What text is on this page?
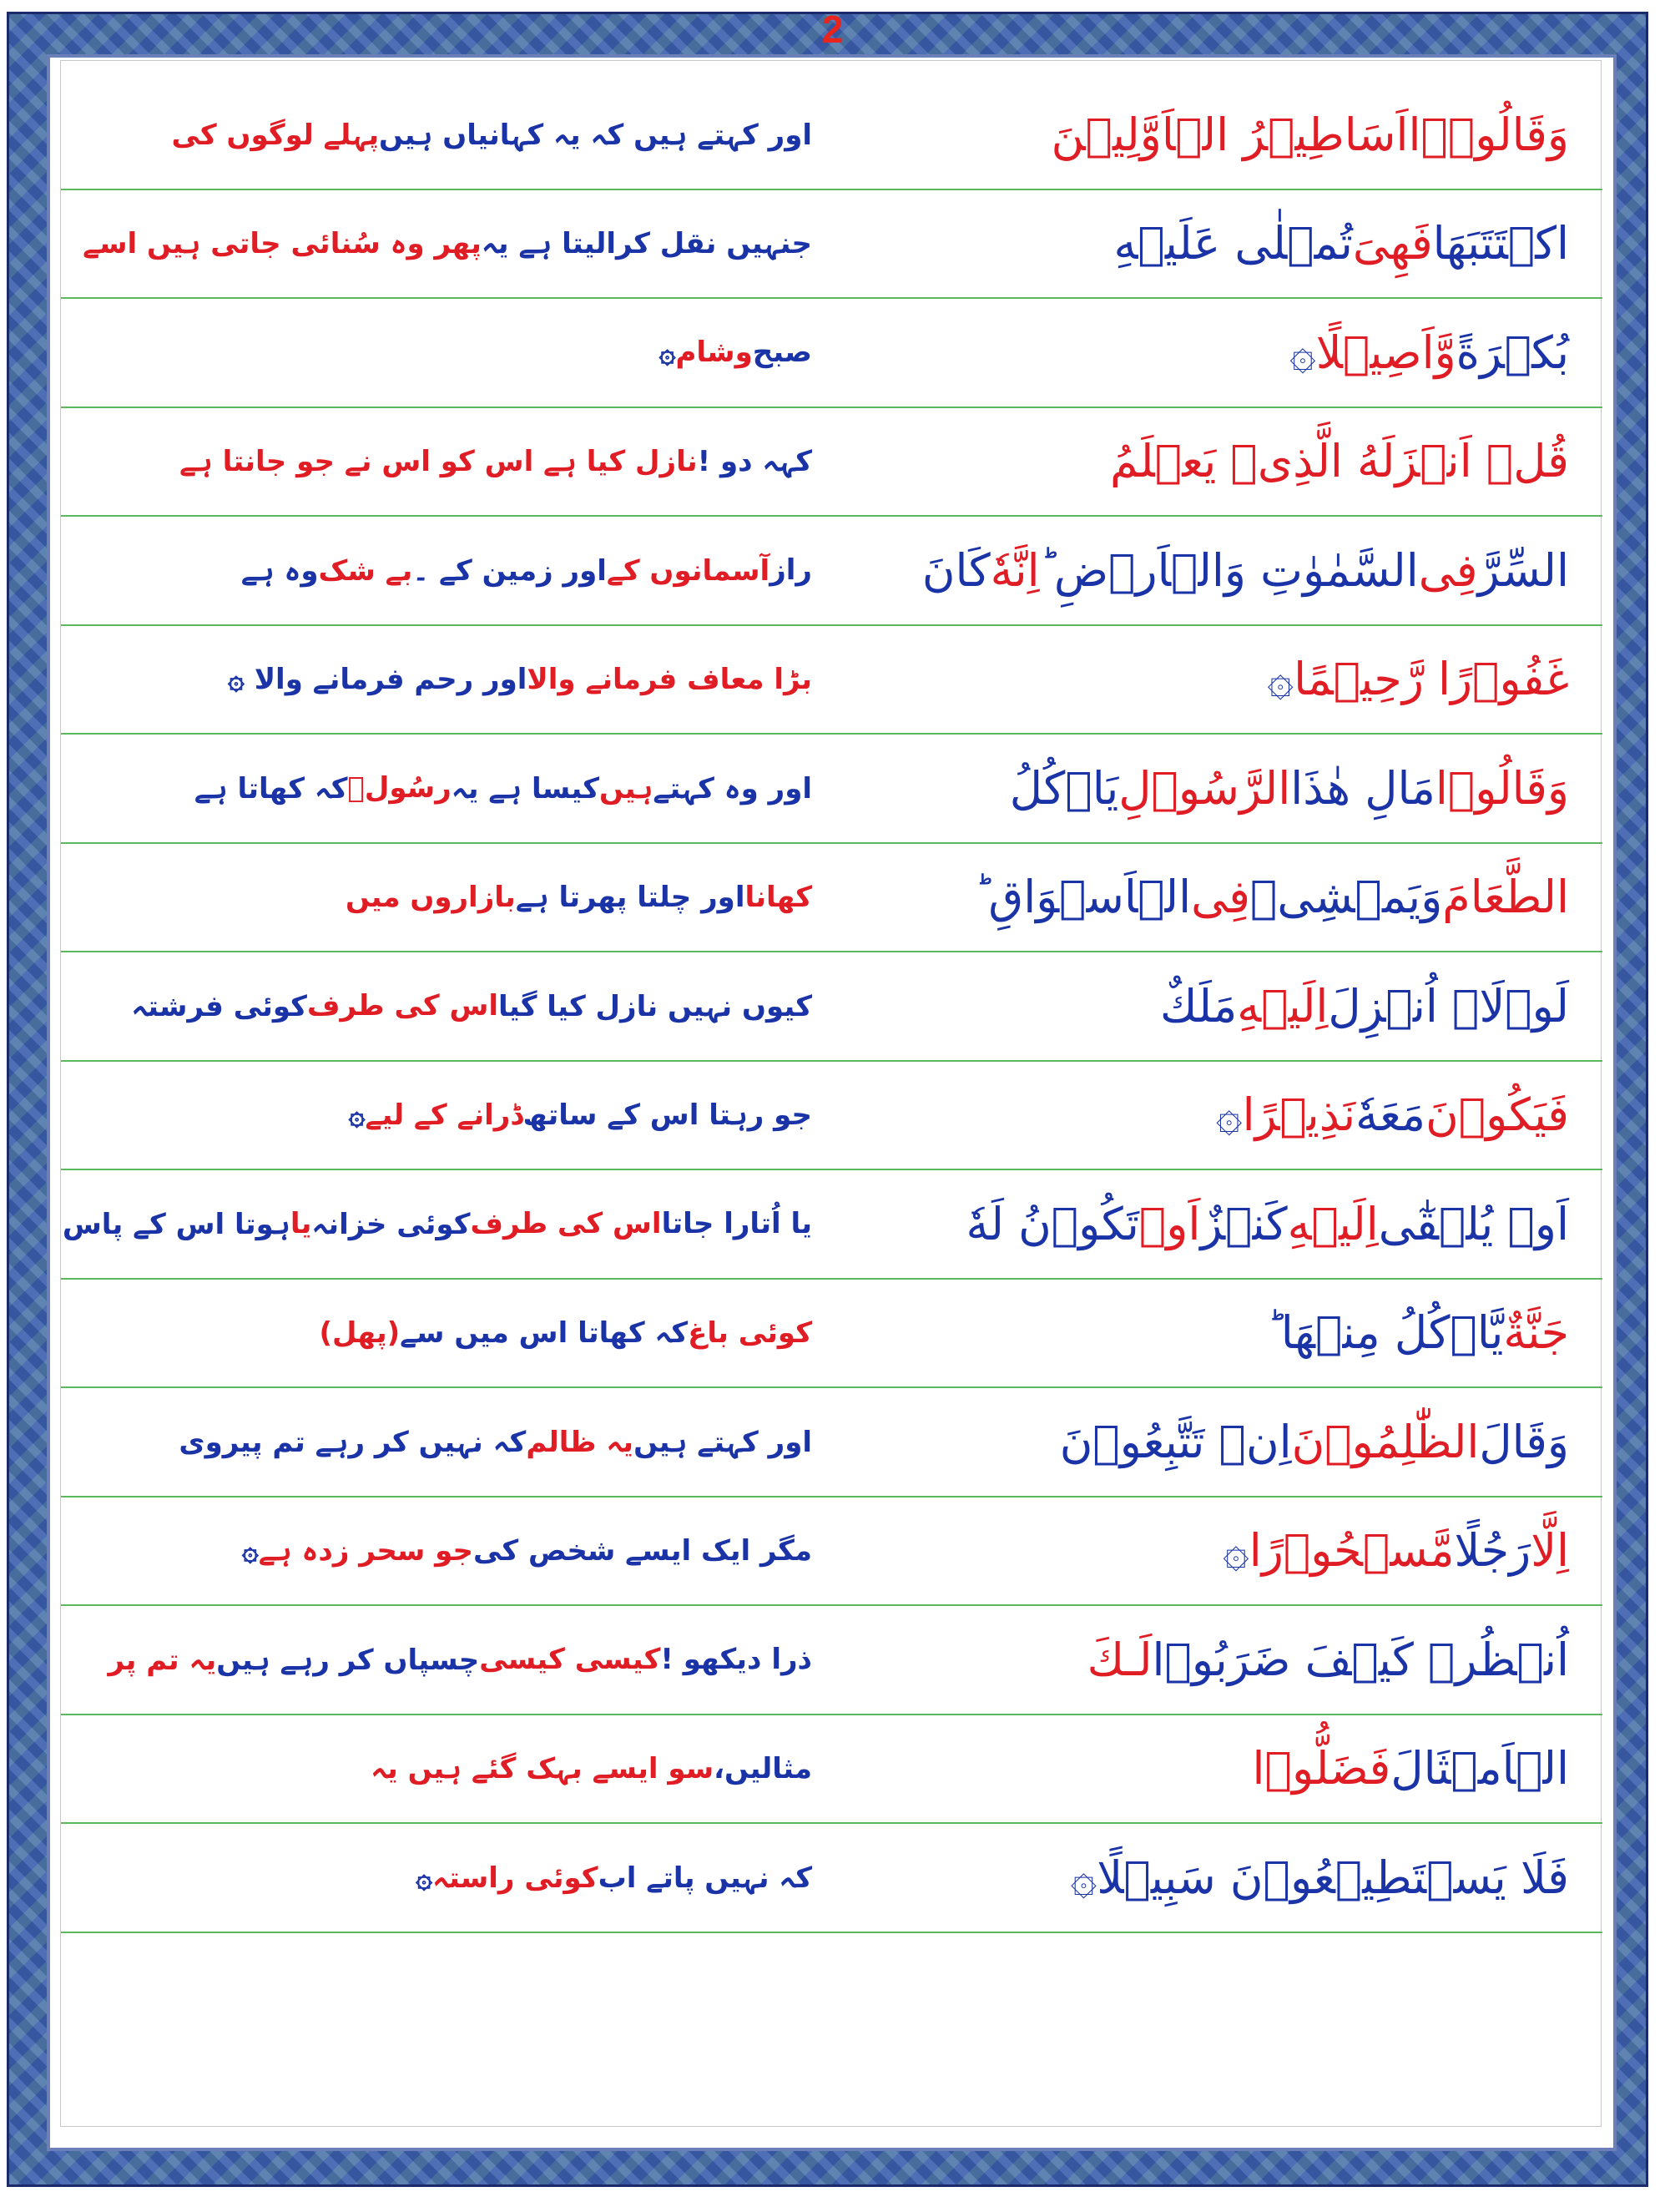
2
وَقَالُوۡۤا
اَسَاطِيۡرُ الۡاَوَّلِيۡنَ
اور کہتے ہیں کہ یہ کہانیاں ہیں
پہلے لوگوں کی
اكۡتَتَبَهَا
فَهِىَ
تُمۡلٰى عَلَيۡهِ
جنہیں نقل کرالیتا ہے یہ
پھر وہ سُنائی جاتی ہیں اسے
بُكۡرَةً
وَّاَصِيۡلًا
۞
صبح
وشام
۞
قُلۡ اَنۡزَلَهُ الَّذِىۡ يَعۡلَمُ
کہہ دو !
نازل کیا ہے اس کو اس نے جو جانتا ہے
السِّرَّ
فِى
السَّمٰوٰتِ وَالۡاَرۡضِ ؕ
اِنَّهٗ
كَانَ
راز
آسمانوں کے
اور زمین کے ۔
بے شک
وہ ہے
غَفُوۡرًا رَّحِيۡمًا
۞
بڑا معاف فرمانے والا
اور رحم فرمانے والا ۞
وَقَالُوۡا
مَالِ هٰذَا
الرَّسُوۡلِ
يَاۡكُلُ
اور وہ کہتے
ہیں
کیسا ہے یہ
رسُولؐ
کہ کھاتا ہے
الطَّعَامَ
وَيَمۡشِىۡ
فِى
الۡاَسۡوَاقِ ؕ
کھانا
اور چلتا پھرتا ہے
بازاروں میں
لَوۡلَاۤ اُنۡزِلَ
اِلَيۡهِ
مَلَكٌ
کیوں نہیں نازل کیا گیا
اس کی طرف
کوئی فرشتہ
فَيَكُوۡنَ
مَعَهٗ
نَذِيۡرًا
۞
جو رہتا اس کے ساتھ
ڈرانے کے لیے
۞
اَوۡ يُلۡقٰٓى
اِلَيۡهِ
كَنۡزٌ
اَوۡ
تَكُوۡنُ لَهٗ
یا اُتارا جاتا
اس کی طرف
کوئی خزانہ
یا
ہوتا اس کے پاس
جَنَّةٌ
يَّاۡكُلُ مِنۡهَا ؕ
کوئی باغ
کہ کھاتا اس میں سے
(پھل)
وَقَالَ
الظّٰلِمُوۡنَ
اِنۡ تَتَّبِعُوۡنَ
اور کہتے ہیں
یہ ظالم
کہ نہیں کر رہے تم پیروی
اِلَّا
رَجُلًا
مَّسۡحُوۡرًا
۞
مگر ایک ایسے شخص کی
جو سحر زدہ ہے
۞
اُنۡظُرۡ كَيۡفَ ضَرَبُوۡا
لَـكَ
ذرا دیکھو !
کیسی کیسی
چسپاں کر رہے ہیں
یہ تم پر
الۡاَمۡثَالَ
فَضَلُّوۡا
مثالیں،
سو ایسے بہک گئے ہیں یہ
فَلَا يَسۡتَطِيۡعُوۡنَ سَبِيۡلًا
۞
کہ نہیں پاتے اب
کوئی راستہ
۞
